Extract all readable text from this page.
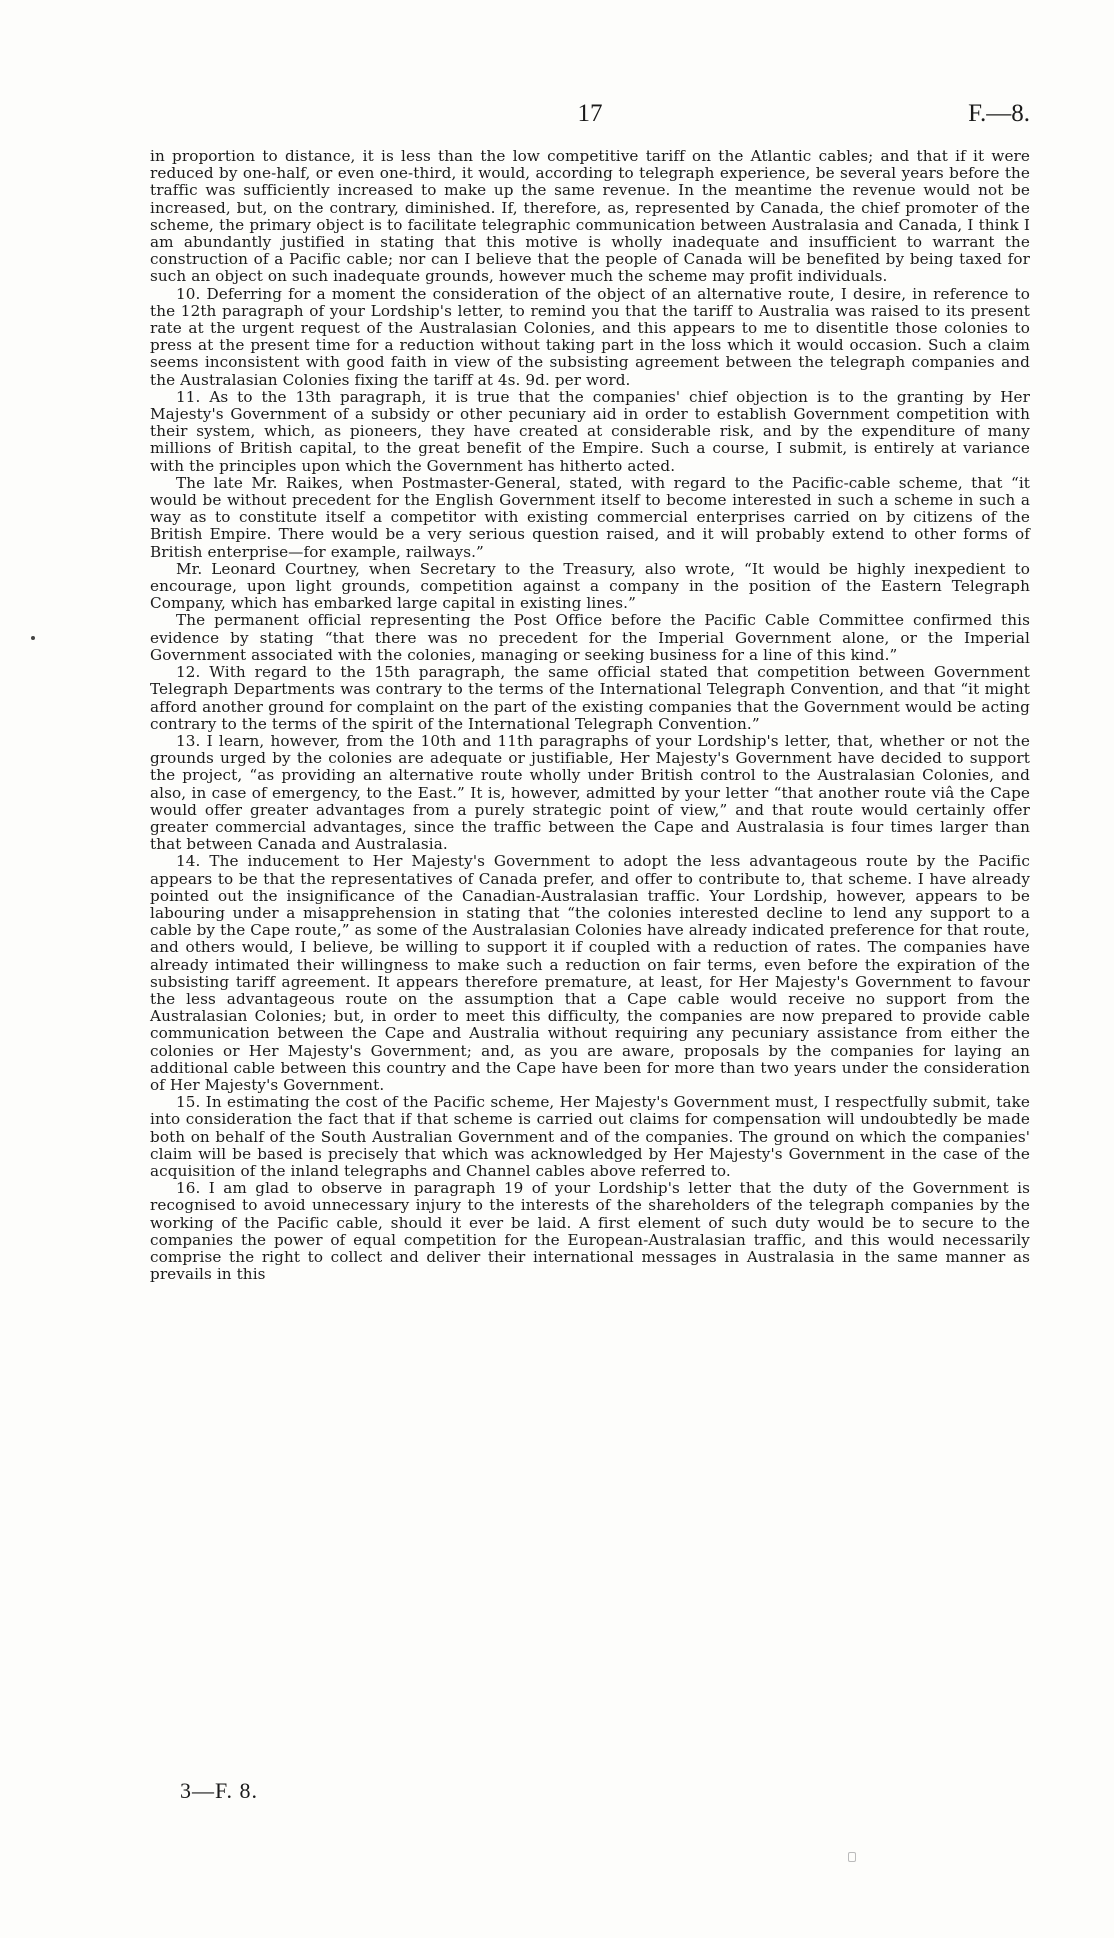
17	F.—8.

in proportion to distance, it is less than the low competitive tariff on the Atlantic cables; and that if it were reduced by one-half, or even one-third, it would, according to telegraph experience, be several years before the traffic was sufficiently increased to make up the same revenue. In the meantime the revenue would not be increased, but, on the contrary, diminished. If, therefore, as, represented by Canada, the chief promoter of the scheme, the primary object is to facilitate telegraphic communication between Australasia and Canada, I think I am abundantly justified in stating that this motive is wholly inadequate and insufficient to warrant the construction of a Pacific cable; nor can I believe that the people of Canada will be benefited by being taxed for such an object on such inadequate grounds, however much the scheme may profit individuals.

10. Deferring for a moment the consideration of the object of an alternative route, I desire, in reference to the 12th paragraph of your Lordship's letter, to remind you that the tariff to Australia was raised to its present rate at the urgent request of the Australasian Colonies, and this appears to me to disentitle those colonies to press at the present time for a reduction without taking part in the loss which it would occasion. Such a claim seems inconsistent with good faith in view of the subsisting agreement between the telegraph companies and the Australasian Colonies fixing the tariff at 4s. 9d. per word.

11. As to the 13th paragraph, it is true that the companies' chief objection is to the granting by Her Majesty's Government of a subsidy or other pecuniary aid in order to establish Government competition with their system, which, as pioneers, they have created at considerable risk, and by the expenditure of many millions of British capital, to the great benefit of the Empire. Such a course, I submit, is entirely at variance with the principles upon which the Government has hitherto acted.

The late Mr. Raikes, when Postmaster-General, stated, with regard to the Pacific-cable scheme, that “it would be without precedent for the English Government itself to become interested in such a scheme in such a way as to constitute itself a competitor with existing commercial enterprises carried on by citizens of the British Empire. There would be a very serious question raised, and it will probably extend to other forms of British enterprise—for example, railways.”

Mr. Leonard Courtney, when Secretary to the Treasury, also wrote, “It would be highly inexpedient to encourage, upon light grounds, competition against a company in the position of the Eastern Telegraph Company, which has embarked large capital in existing lines.”

The permanent official representing the Post Office before the Pacific Cable Committee confirmed this evidence by stating “that there was no precedent for the Imperial Government alone, or the Imperial Government associated with the colonies, managing or seeking business for a line of this kind.”

12. With regard to the 15th paragraph, the same official stated that competition between Government Telegraph Departments was contrary to the terms of the International Telegraph Convention, and that “it might afford another ground for complaint on the part of the existing companies that the Government would be acting contrary to the terms of the spirit of the International Telegraph Convention.”

13. I learn, however, from the 10th and 11th paragraphs of your Lordship's letter, that, whether or not the grounds urged by the colonies are adequate or justifiable, Her Majesty's Government have decided to support the project, “as providing an alternative route wholly under British control to the Australasian Colonies, and also, in case of emergency, to the East.” It is, however, admitted by your letter “that another route viâ the Cape would offer greater advantages from a purely strategic point of view,” and that route would certainly offer greater commercial advantages, since the traffic between the Cape and Australasia is four times larger than that between Canada and Australasia.

14. The inducement to Her Majesty's Government to adopt the less advantageous route by the Pacific appears to be that the representatives of Canada prefer, and offer to contribute to, that scheme. I have already pointed out the insignificance of the Canadian-Australasian traffic. Your Lordship, however, appears to be labouring under a misapprehension in stating that “the colonies interested decline to lend any support to a cable by the Cape route,” as some of the Australasian Colonies have already indicated preference for that route, and others would, I believe, be willing to support it if coupled with a reduction of rates. The companies have already intimated their willingness to make such a reduction on fair terms, even before the expiration of the subsisting tariff agreement. It appears therefore premature, at least, for Her Majesty's Government to favour the less advantageous route on the assumption that a Cape cable would receive no support from the Australasian Colonies; but, in order to meet this difficulty, the companies are now prepared to provide cable communication between the Cape and Australia without requiring any pecuniary assistance from either the colonies or Her Majesty's Government; and, as you are aware, proposals by the companies for laying an additional cable between this country and the Cape have been for more than two years under the consideration of Her Majesty's Government.

15. In estimating the cost of the Pacific scheme, Her Majesty's Government must, I respectfully submit, take into consideration the fact that if that scheme is carried out claims for compensation will undoubtedly be made both on behalf of the South Australian Government and of the companies. The ground on which the companies' claim will be based is precisely that which was acknowledged by Her Majesty's Government in the case of the acquisition of the inland telegraphs and Channel cables above referred to.

16. I am glad to observe in paragraph 19 of your Lordship's letter that the duty of the Government is recognised to avoid unnecessary injury to the interests of the shareholders of the telegraph companies by the working of the Pacific cable, should it ever be laid. A first element of such duty would be to secure to the companies the power of equal competition for the European-Australasian traffic, and this would necessarily comprise the right to collect and deliver their international messages in Australasia in the same manner as prevails in this

3—F. 8.
